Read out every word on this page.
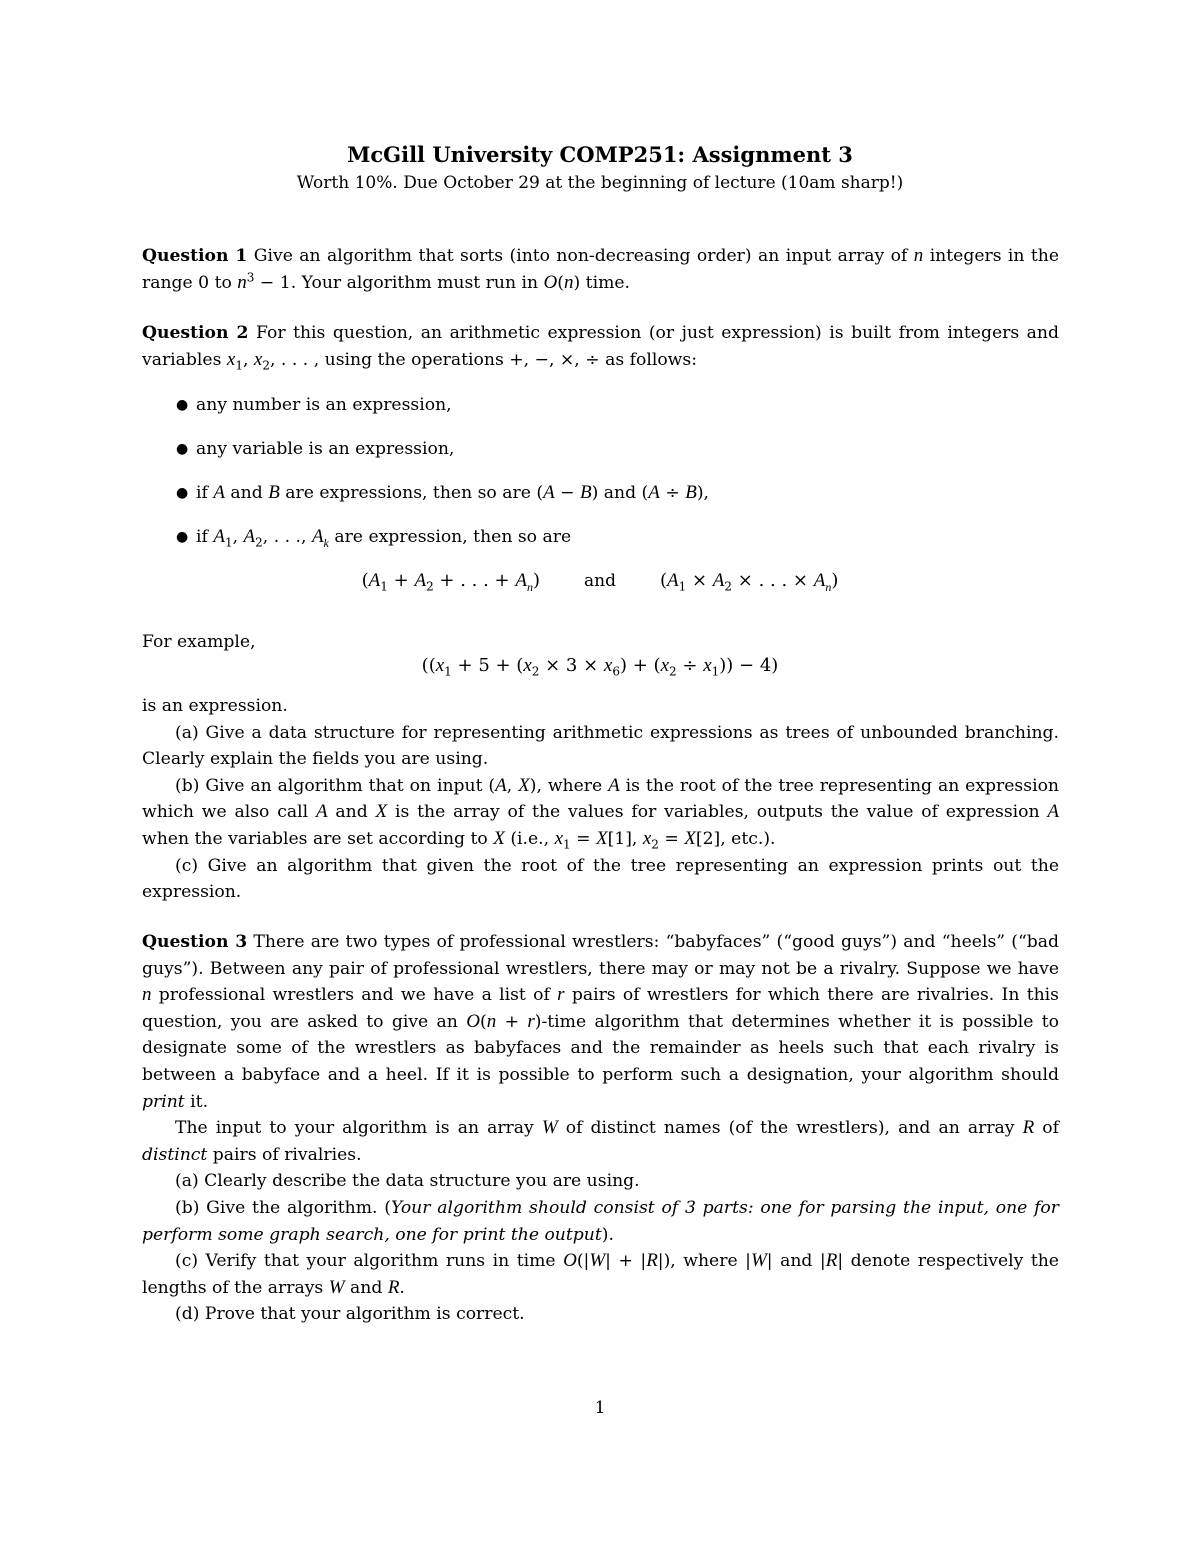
McGill University COMP251: Assignment 3
Worth 10%. Due October 29 at the beginning of lecture (10am sharp!)

Question 1 Give an algorithm that sorts (into non-decreasing order) an input array of n integers in the range 0 to $n^3 - 1$. Your algorithm must run in O(n) time.

Question 2 For this question, an arithmetic expression (or just expression) is built from integers and variables $x_1$, $x_2$, . . . , using the operations +, −, ×, ÷ as follows:

● any number is an expression,
● any variable is an expression,
● if A and B are expressions, then so are (A − B) and (A ÷ B),
● if $A_1$, $A_2$, . . ., $A_k$ are expression, then so are
($A_1 + A_2$ + . . . + $A_n$)	and ($A_1 \times A_2$ × . . . × $A_n$)

For example,

$((x_1 + 5 + (x_2 \times 3 \times x_6) + (x_2 \div x_1)) - 4)$

is an expression.
(a) Give a data structure for representing arithmetic expressions as trees of unbounded branching. Clearly explain the fields you are using.
(b) Give an algorithm that on input (A, X), where A is the root of the tree representing an expression which we also call A and X is the array of the values for variables, outputs the value of expression A when the variables are set according to X (i.e., $x_1 = X[1]$, $x_2 = X[2]$, etc.).
(c) Give an algorithm that given the root of the tree representing an expression prints out the expression.

Question 3 There are two types of professional wrestlers: “babyfaces” (“good guys”) and “heels” (“bad guys”). Between any pair of professional wrestlers, there may or may not be a rivalry. Suppose we have n professional wrestlers and we have a list of r pairs of wrestlers for which there are rivalries. In this question, you are asked to give an O(n + r)-time algorithm that determines whether it is possible to designate some of the wrestlers as babyfaces and the remainder as heels such that each rivalry is between a babyface and a heel. If it is possible to perform such a designation, your algorithm should print it.
The input to your algorithm is an array W of distinct names (of the wrestlers), and an array R of distinct pairs of rivalries.
(a) Clearly describe the data structure you are using.
(b) Give the algorithm. (Your algorithm should consist of 3 parts: one for parsing the input, one for perform some graph search, one for print the output).
(c) Verify that your algorithm runs in time O(|W| + |R|), where |W| and |R| denote respectively the lengths of the arrays W and R.
(d) Prove that your algorithm is correct.

1
